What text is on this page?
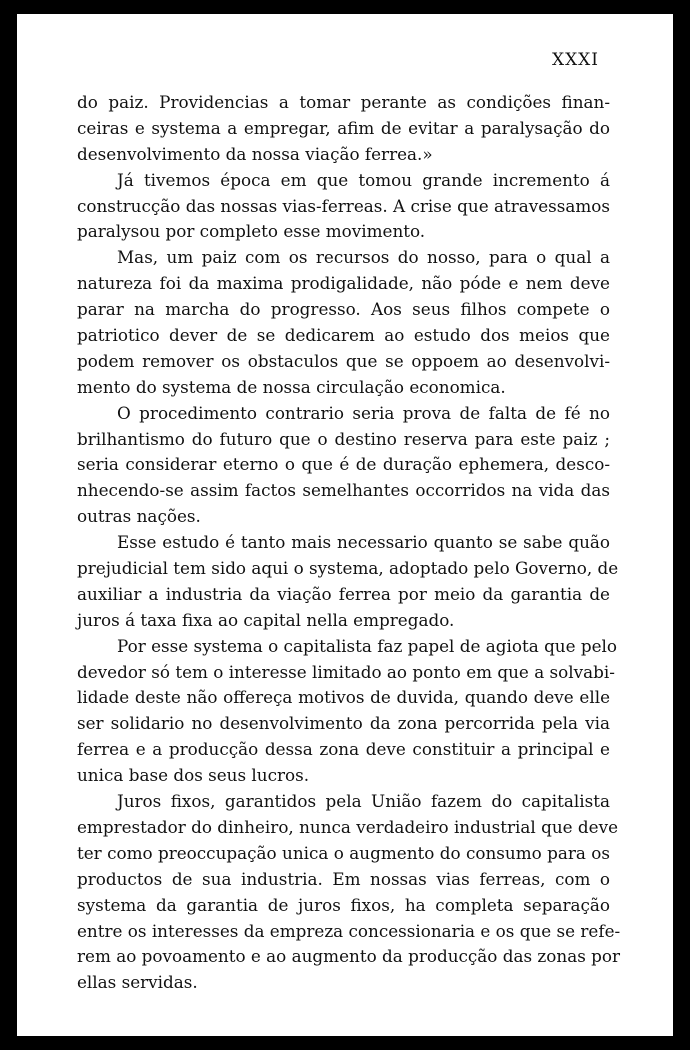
XXXI
do paiz. Providencias a tomar perante as condições finan-
ceiras e systema a empregar, afim de evitar a paralysação do
desenvolvimento da nossa viação ferrea.»
Já tivemos época em que tomou grande incremento á
construcção das nossas vias-ferreas. A crise que atravessamos
paralysou por completo esse movimento.
Mas, um paiz com os recursos do nosso, para o qual a
natureza foi da maxima prodigalidade, não póde e nem deve
parar na marcha do progresso. Aos seus filhos compete o
patriotico dever de se dedicarem ao estudo dos meios que
podem remover os obstaculos que se oppoem ao desenvolvi-
mento do systema de nossa circulação economica.
O procedimento contrario seria prova de falta de fé no
brilhantismo do futuro que o destino reserva para este paiz ;
seria considerar eterno o que é de duração ephemera, desco-
nhecendo-se assim factos semelhantes occorridos na vida das
outras nações.
Esse estudo é tanto mais necessario quanto se sabe quão
prejudicial tem sido aqui o systema, adoptado pelo Governo, de
auxiliar a industria da viação ferrea por meio da garantia de
juros á taxa fixa ao capital nella empregado.
Por esse systema o capitalista faz papel de agiota que pelo
devedor só tem o interesse limitado ao ponto em que a solvabi-
lidade deste não offereça motivos de duvida, quando deve elle
ser solidario no desenvolvimento da zona percorrida pela via
ferrea e a producção dessa zona deve constituir a principal e
unica base dos seus lucros.
Juros fixos, garantidos pela União fazem do capitalista
emprestador do dinheiro, nunca verdadeiro industrial que deve
ter como preoccupação unica o augmento do consumo para os
productos de sua industria. Em nossas vias ferreas, com o
systema da garantia de juros fixos, ha completa separação
entre os interesses da empreza concessionaria e os que se refe-
rem ao povoamento e ao augmento da producção das zonas por
ellas servidas.
